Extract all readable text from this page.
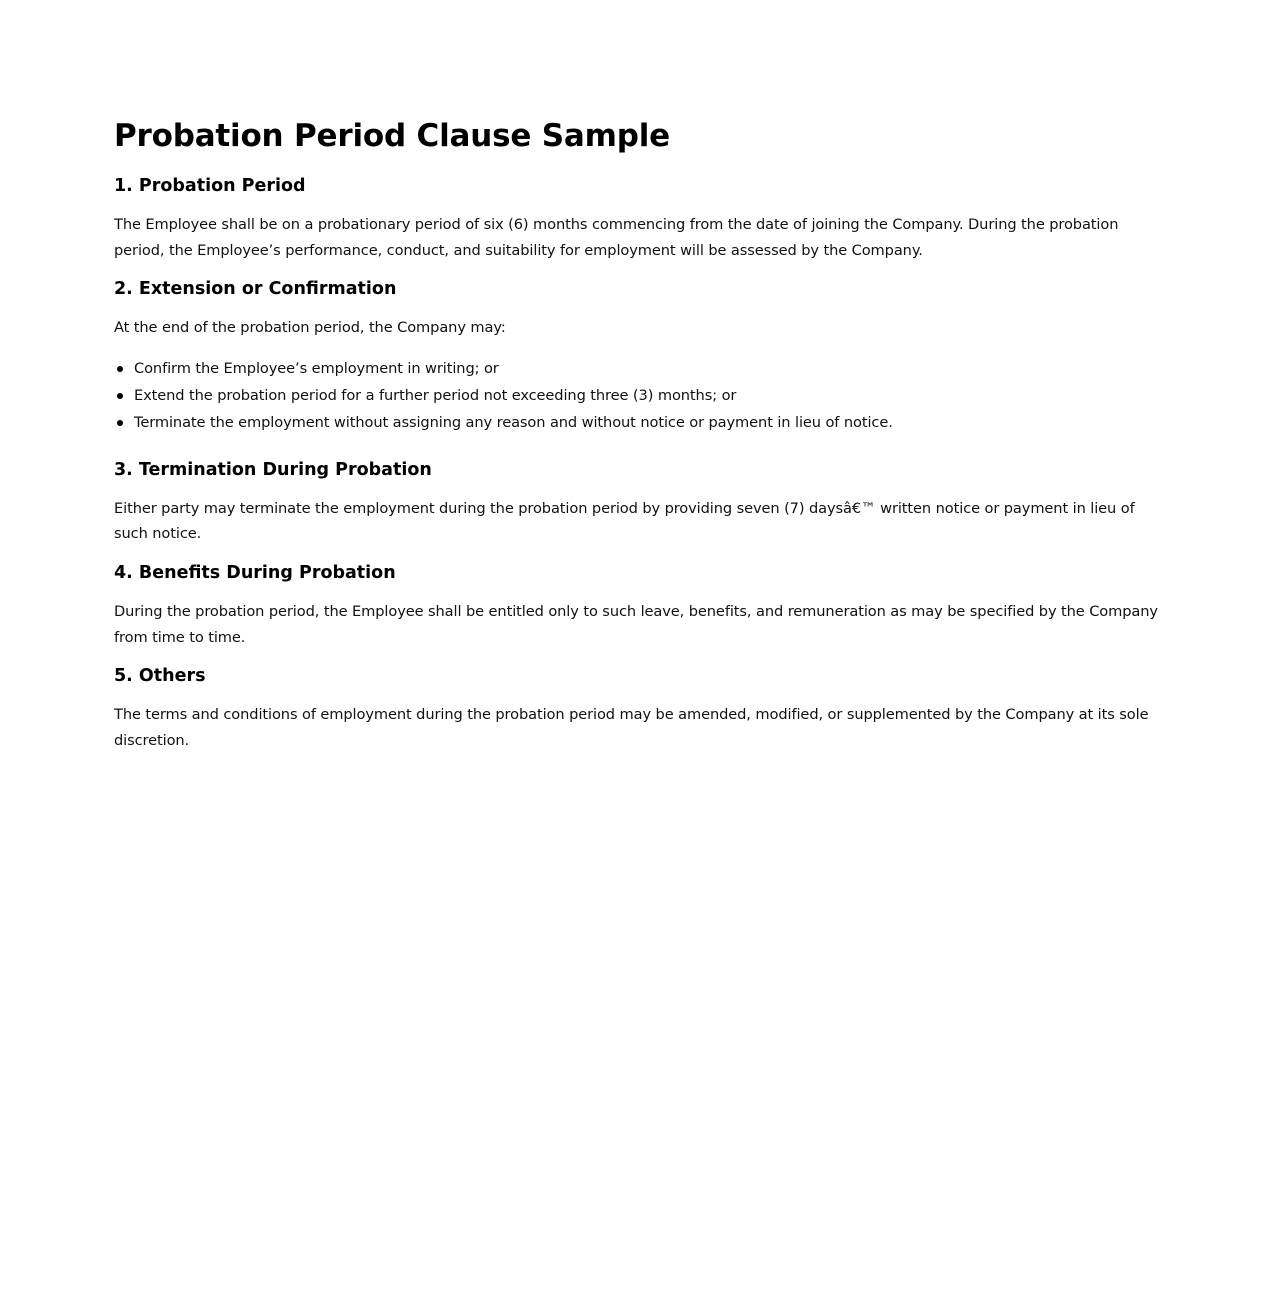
Probation Period Clause Sample
1. Probation Period

The Employee shall be on a probationary period of six (6) months commencing from the date of joining the Company. During the probation period, the Employee’s performance, conduct, and suitability for employment will be assessed by the Company.

2. Extension or Confirmation

At the end of the probation period, the Company may:

Confirm the Employee’s employment in writing; or
Extend the probation period for a further period not exceeding three (3) months; or
Terminate the employment without assigning any reason and without notice or payment in lieu of notice.
3. Termination During Probation

Either party may terminate the employment during the probation period by providing seven (7) daysâ€™ written notice or payment in lieu of such notice.

4. Benefits During Probation

During the probation period, the Employee shall be entitled only to such leave, benefits, and remuneration as may be specified by the Company from time to time.

5. Others

The terms and conditions of employment during the probation period may be amended, modified, or supplemented by the Company at its sole discretion.
